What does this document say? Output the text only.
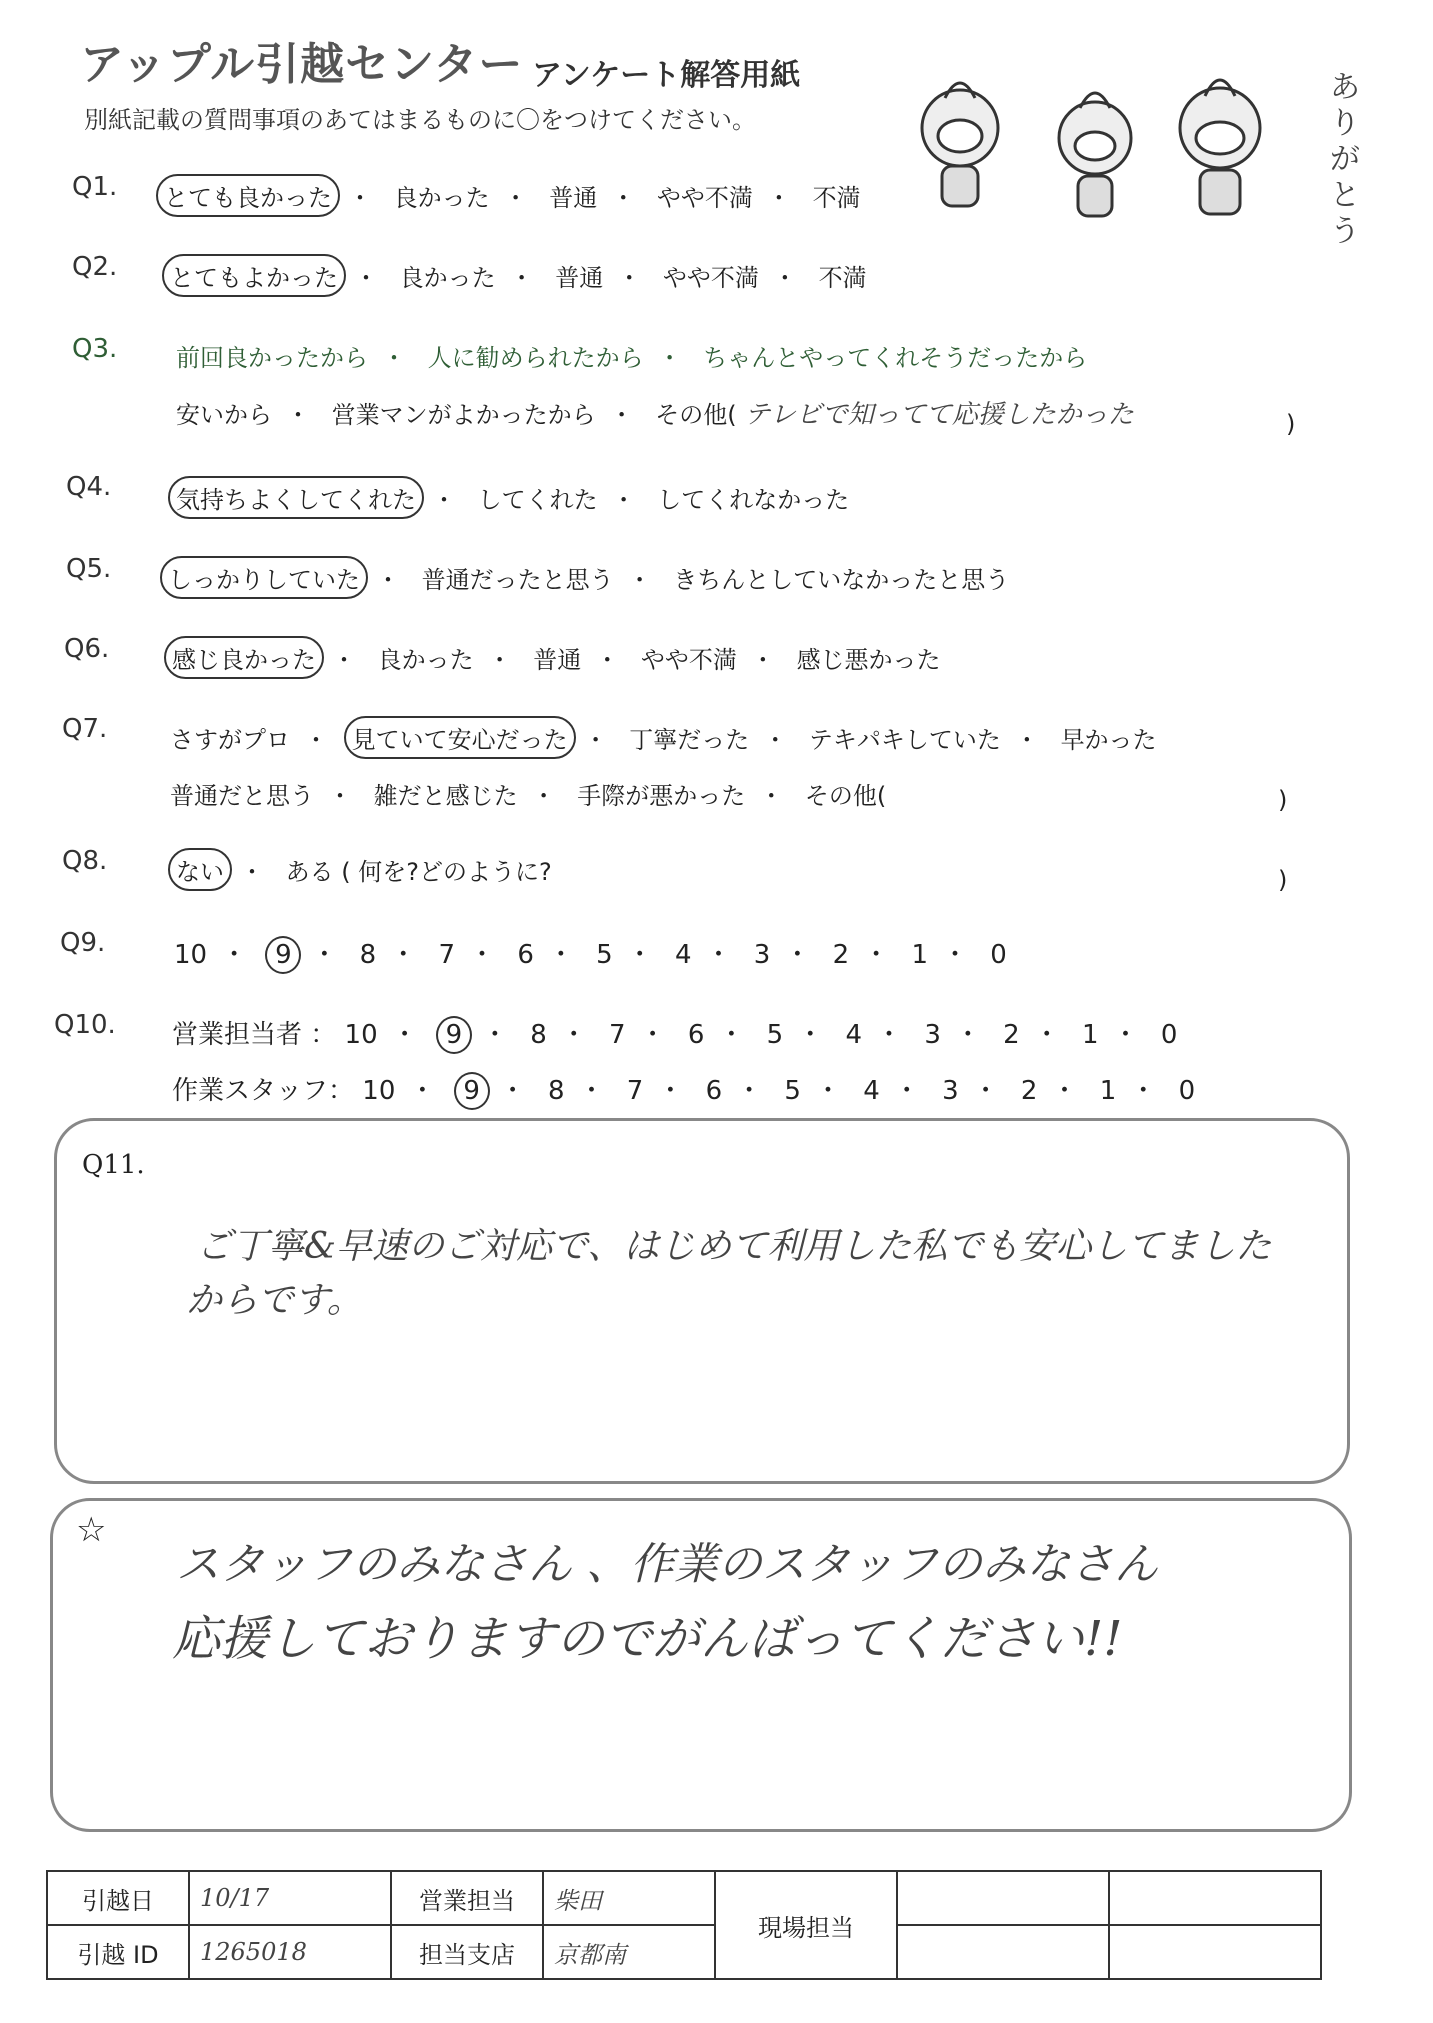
アップル引越センター アンケート解答用紙
別紙記載の質問事項のあてはまるものに〇をつけてください。
ありがとう
Q1. とても良かった ・ 良かった ・ 普通 ・ やや不満 ・ 不満
Q2. とてもよかった ・ 良かった ・ 普通 ・ やや不満 ・ 不満
Q3. 前回良かったから ・ 人に勧められたから ・ ちゃんとやってくれそうだったから
安いから ・ 営業マンがよかったから ・ その他( テレビで知ってて応援したかった	)
Q4.	気持ちよくしてくれた ・ してくれた ・ してくれなかった
Q5. しっかりしていた ・ 普通だったと思う ・ きちんとしていなかったと思う
Q6.	感じ良かった ・ 良かった ・ 普通 ・ やや不満 ・ 感じ悪かった
Q7.	さすがプロ ・ 見ていて安心だった ・ 丁寧だった ・ テキパキしていた ・ 早かった
普通だと思う ・ 雑だと感じた ・ 手際が悪かった ・ その他(	)
Q8.	ない ・ ある ( 何を?どのように?	)
Q9.	10 ・ 9 ・ 8 ・ 7 ・ 6 ・ 5 ・ 4 ・ 3 ・ 2 ・ 1 ・ 0
Q10. 営業担当者 ： 10 ・ 9 ・ 8 ・ 7 ・ 6 ・ 5 ・ 4 ・ 3 ・ 2 ・ 1 ・ 0
作業スタッフ： 10 ・ 9 ・ 8 ・ 7 ・ 6 ・ 5 ・ 4 ・ 3 ・ 2 ・ 1 ・ 0
Q11.
ご丁寧&早速のご対応で、はじめて利用した私でも安心してました
からです。
☆
スタッフのみなさん 、作業のスタッフのみなさん
応援しておりますのでがんばってください!!
引越日	10/17	営業担当	柴田	現場担当		
引越 ID	1265018	担当支店	京都南			
